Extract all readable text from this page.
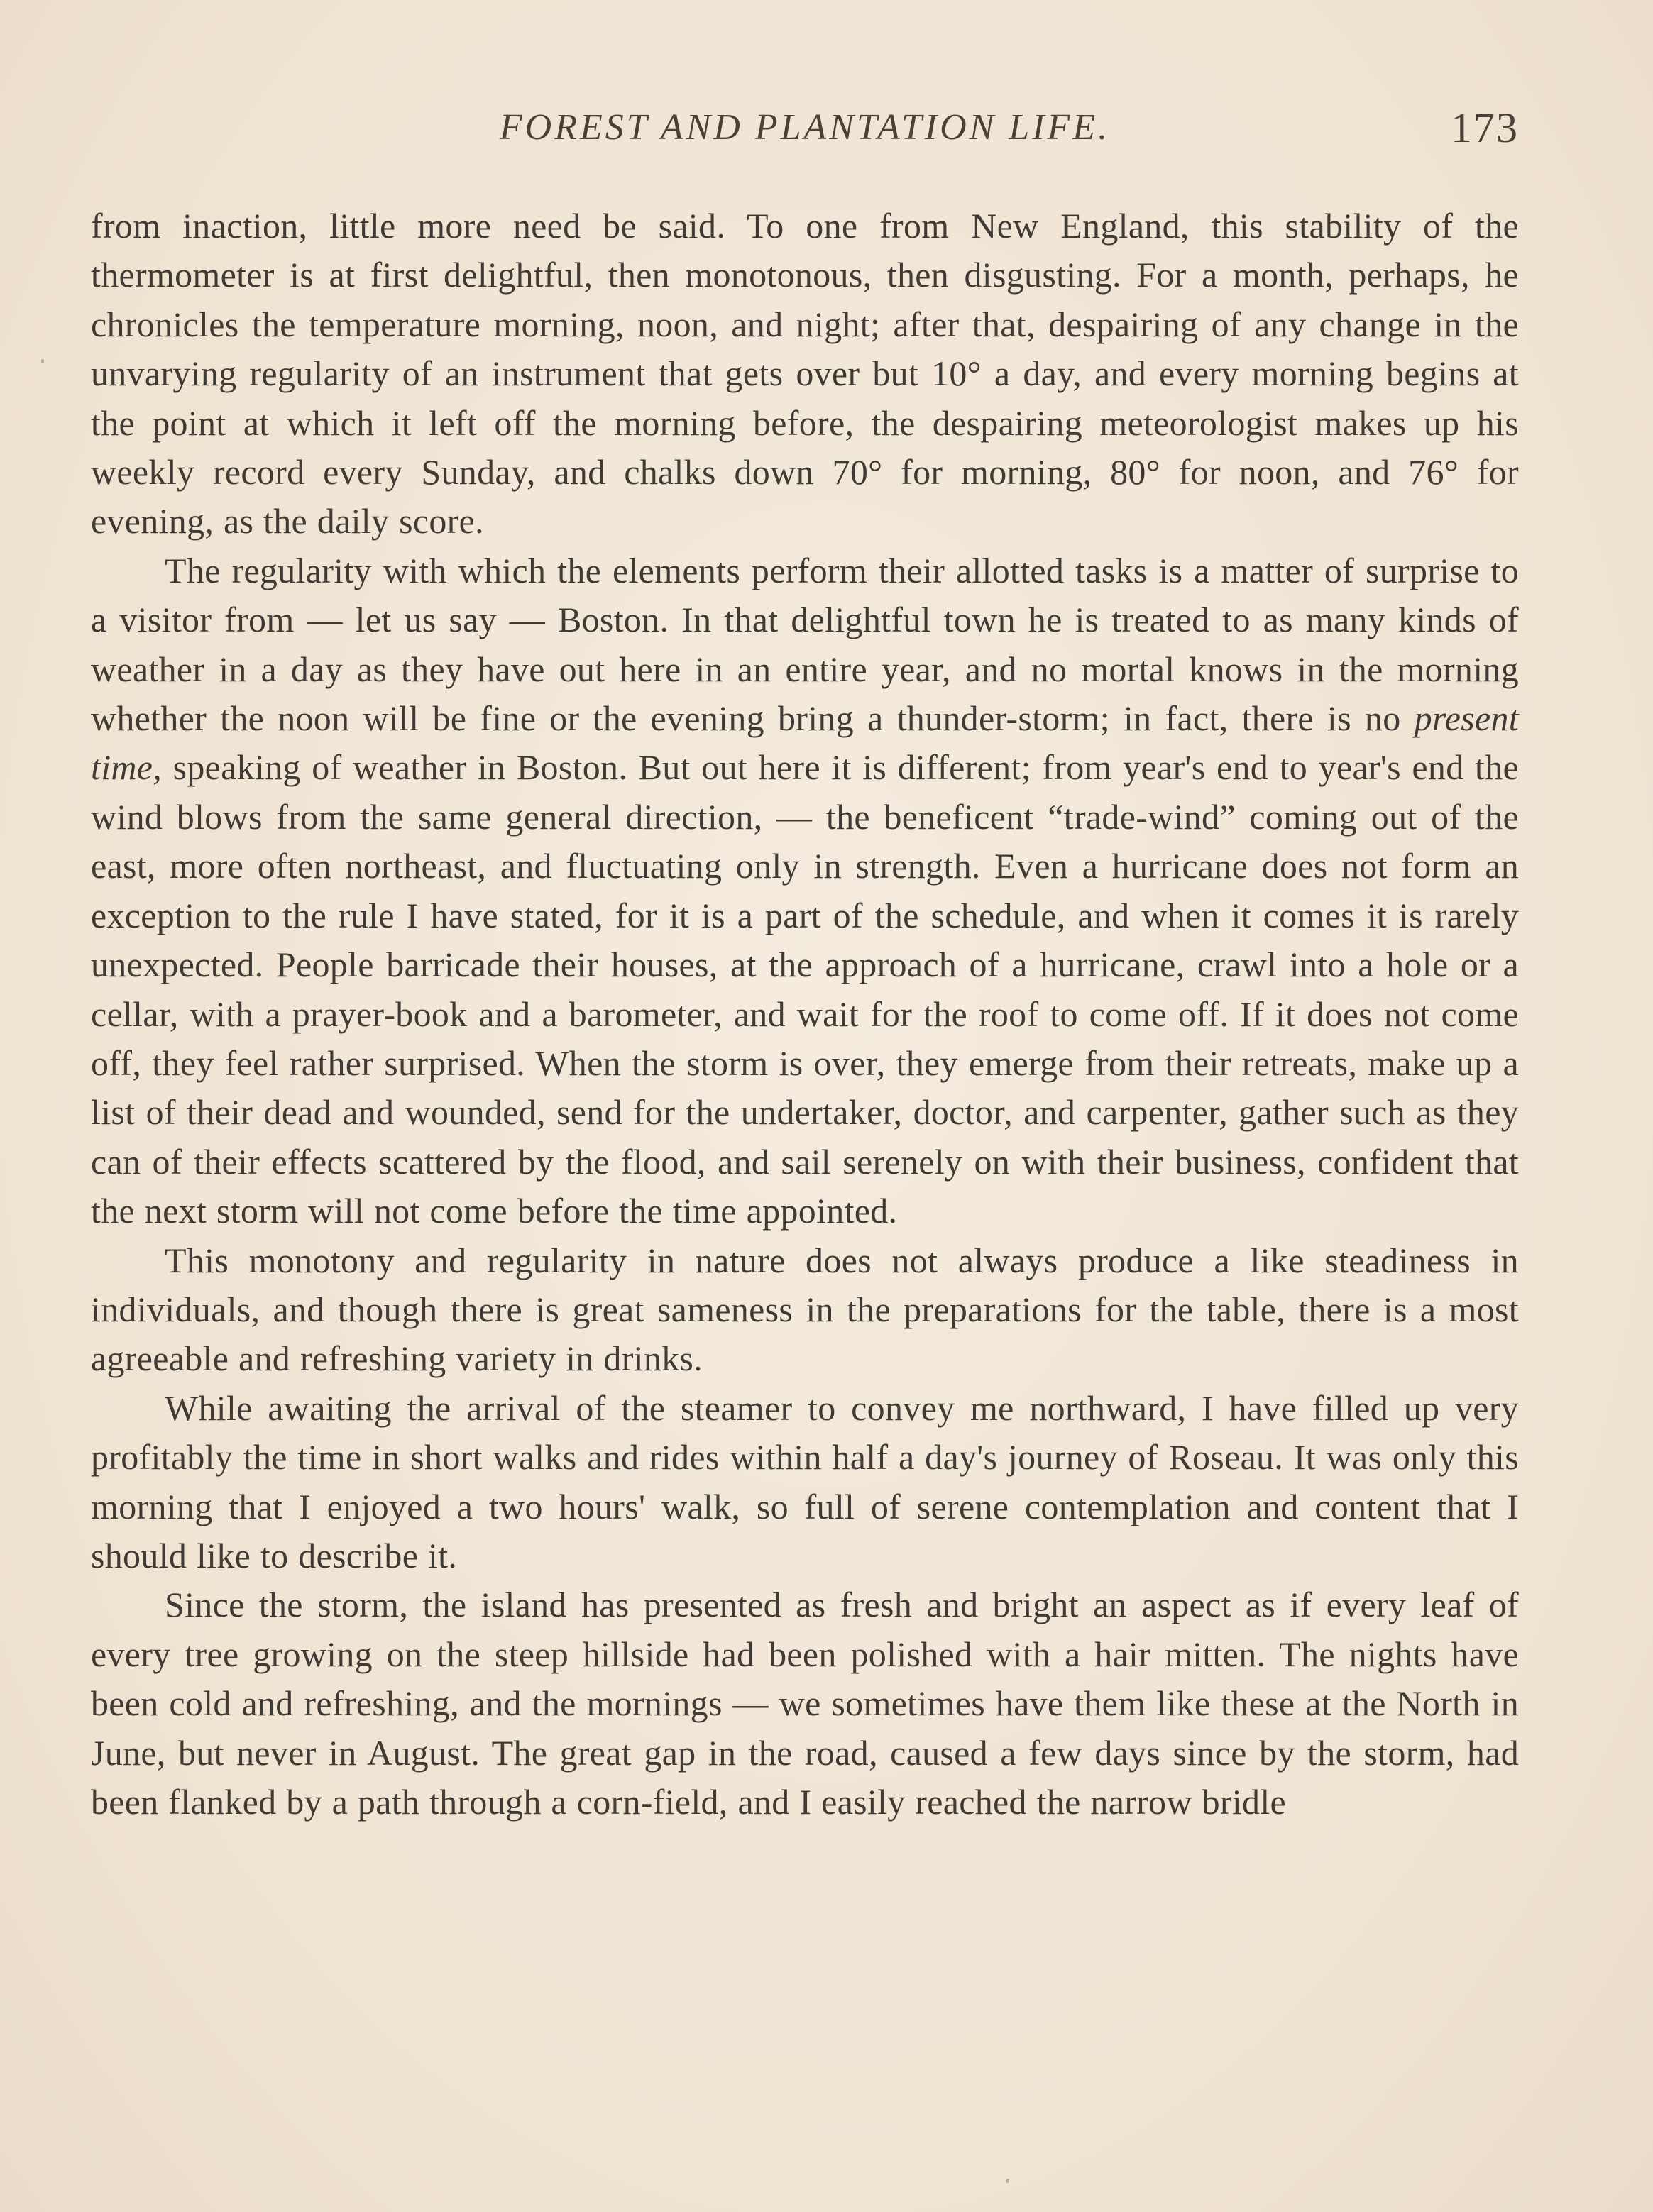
FOREST AND PLANTATION LIFE.	173

from inaction, little more need be said. To one from New England, this stability of the thermometer is at first delightful, then monotonous, then disgusting. For a month, perhaps, he chronicles the temperature morning, noon, and night; after that, despairing of any change in the unvarying regularity of an instrument that gets over but 10° a day, and every morning begins at the point at which it left off the morning before, the despairing meteorologist makes up his weekly record every Sunday, and chalks down 70° for morning, 80° for noon, and 76° for evening, as the daily score.

The regularity with which the elements perform their allotted tasks is a matter of surprise to a visitor from — let us say — Boston. In that delightful town he is treated to as many kinds of weather in a day as they have out here in an entire year, and no mortal knows in the morning whether the noon will be fine or the evening bring a thunder-storm; in fact, there is no present time, speaking of weather in Boston. But out here it is different; from year's end to year's end the wind blows from the same general direction, — the beneficent “trade-wind” coming out of the east, more often northeast, and fluctuating only in strength. Even a hurricane does not form an exception to the rule I have stated, for it is a part of the schedule, and when it comes it is rarely unexpected. People barricade their houses, at the approach of a hurricane, crawl into a hole or a cellar, with a prayer-book and a barometer, and wait for the roof to come off. If it does not come off, they feel rather surprised. When the storm is over, they emerge from their retreats, make up a list of their dead and wounded, send for the undertaker, doctor, and carpenter, gather such as they can of their effects scattered by the flood, and sail serenely on with their business, confident that the next storm will not come before the time appointed.

This monotony and regularity in nature does not always produce a like steadiness in individuals, and though there is great sameness in the preparations for the table, there is a most agreeable and refreshing variety in drinks.

While awaiting the arrival of the steamer to convey me northward, I have filled up very profitably the time in short walks and rides within half a day's journey of Roseau. It was only this morning that I enjoyed a two hours' walk, so full of serene contemplation and content that I should like to describe it.

Since the storm, the island has presented as fresh and bright an aspect as if every leaf of every tree growing on the steep hillside had been polished with a hair mitten. The nights have been cold and refreshing, and the mornings — we sometimes have them like these at the North in June, but never in August. The great gap in the road, caused a few days since by the storm, had been flanked by a path through a corn-field, and I easily reached the narrow bridle
